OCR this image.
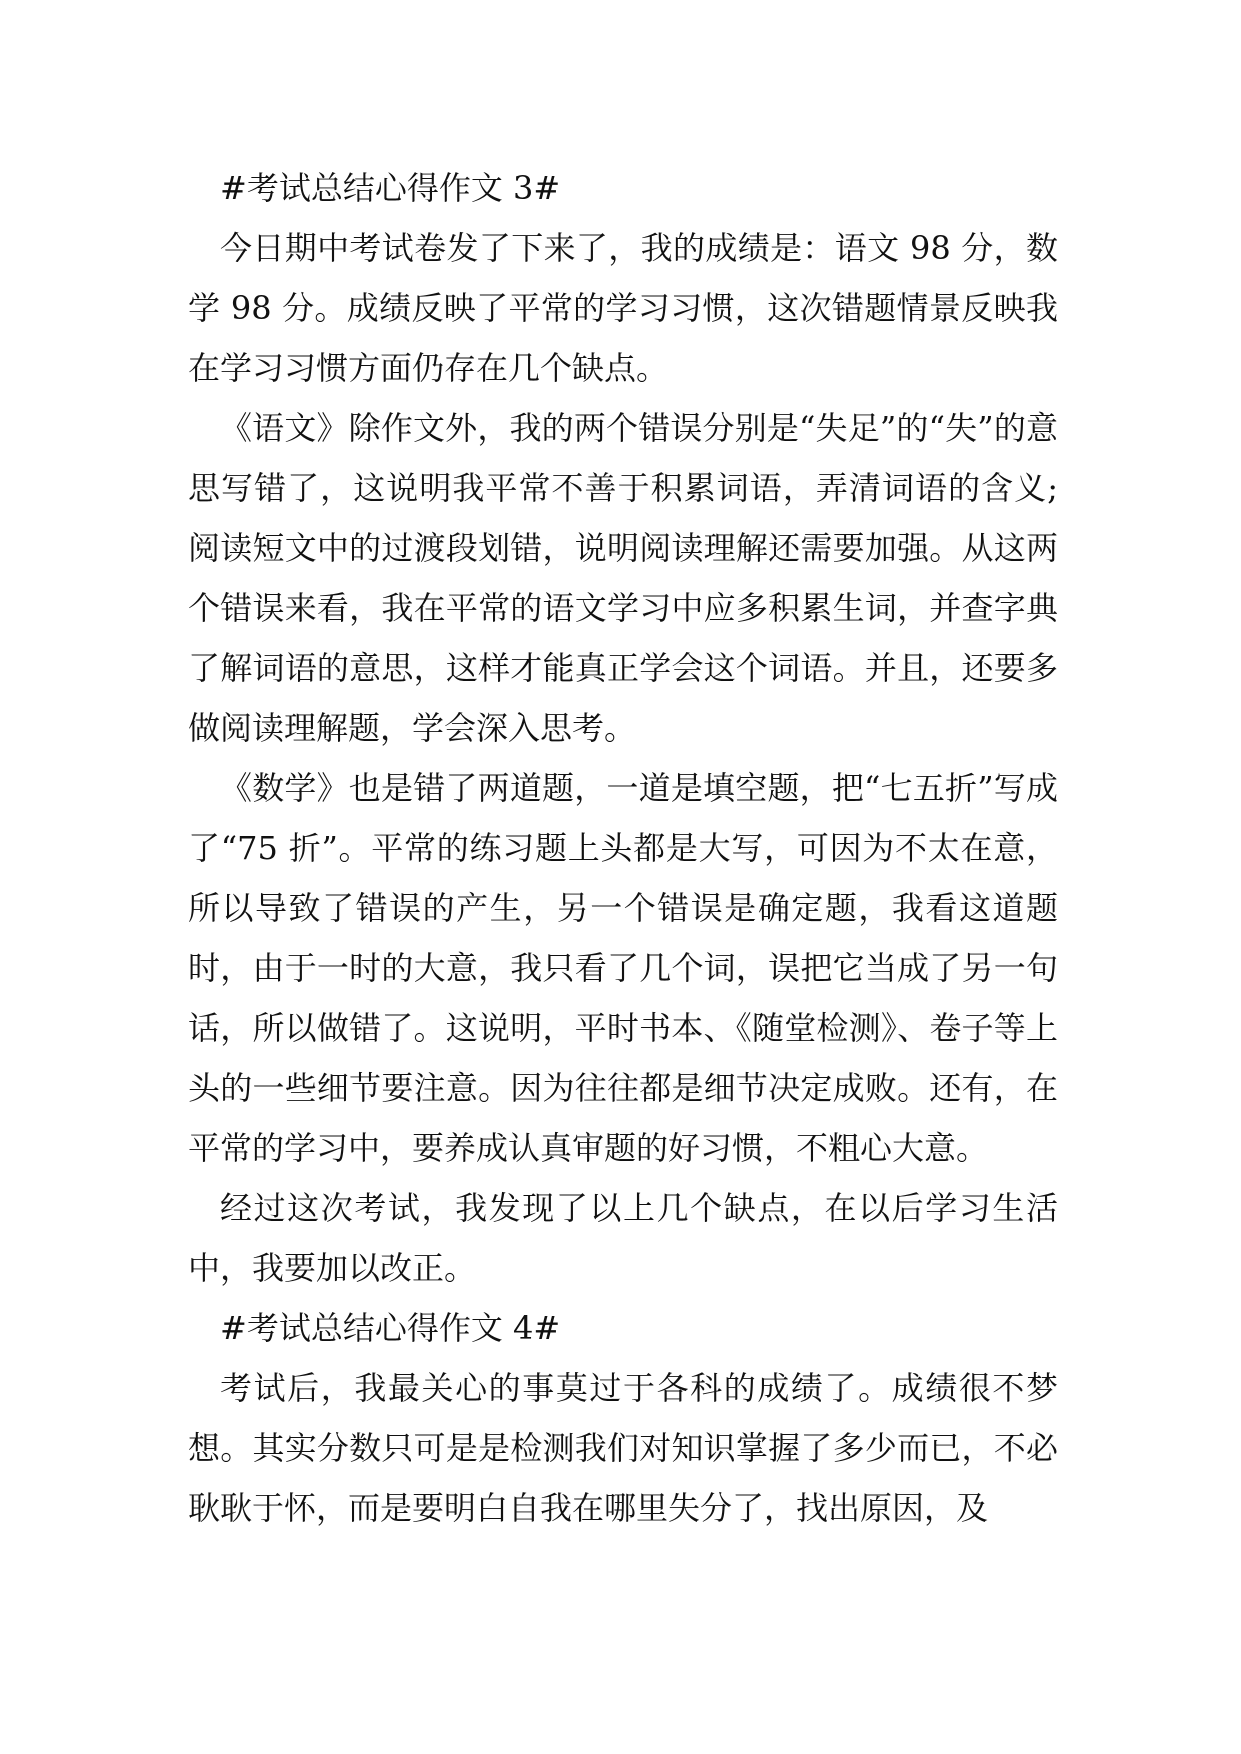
#考试总结心得作文 3#

今日期中考试卷发了下来了，我的成绩是：语文 98 分，数学 98 分。成绩反映了平常的学习习惯，这次错题情景反映我在学习习惯方面仍存在几个缺点。

《语文》除作文外，我的两个错误分别是“失足”的“失”的意思写错了，这说明我平常不善于积累词语，弄清词语的含义;阅读短文中的过渡段划错，说明阅读理解还需要加强。从这两个错误来看，我在平常的语文学习中应多积累生词，并查字典了解词语的意思，这样才能真正学会这个词语。并且，还要多做阅读理解题，学会深入思考。

《数学》也是错了两道题，一道是填空题，把“七五折”写成了“75 折”。平常的练习题上头都是大写，可因为不太在意，所以导致了错误的产生，另一个错误是确定题，我看这道题时，由于一时的大意，我只看了几个词，误把它当成了另一句话，所以做错了。这说明，平时书本、《随堂检测》、卷子等上头的一些细节要注意。因为往往都是细节决定成败。还有，在平常的学习中，要养成认真审题的好习惯，不粗心大意。

经过这次考试，我发现了以上几个缺点，在以后学习生活中，我要加以改正。

#考试总结心得作文 4#

考试后，我最关心的事莫过于各科的成绩了。成绩很不梦想。其实分数只可是是检测我们对知识掌握了多少而已，不必耿耿于怀，而是要明白自我在哪里失分了，找出原因，及
